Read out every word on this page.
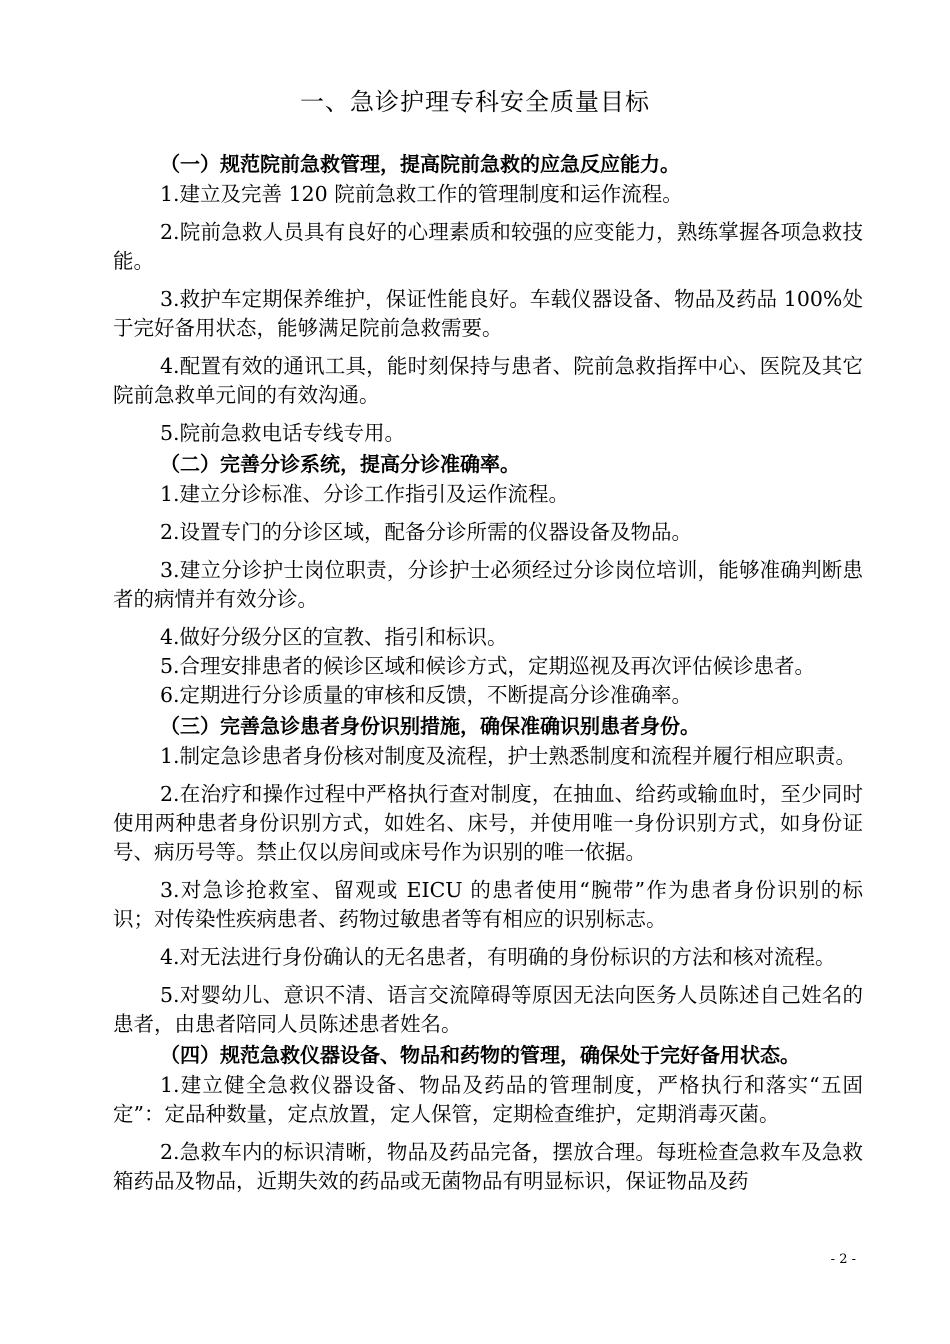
一、急诊护理专科安全质量目标
（一）规范院前急救管理，提高院前急救的应急反应能力。

1.建立及完善 120 院前急救工作的管理制度和运作流程。

2.院前急救人员具有良好的心理素质和较强的应变能力，熟练掌握各项急救技能。

3.救护车定期保养维护，保证性能良好。车载仪器设备、物品及药品 100%处于完好备用状态，能够满足院前急救需要。

4.配置有效的通讯工具，能时刻保持与患者、院前急救指挥中心、医院及其它院前急救单元间的有效沟通。

5.院前急救电话专线专用。

（二）完善分诊系统，提高分诊准确率。

1.建立分诊标准、分诊工作指引及运作流程。

2.设置专门的分诊区域，配备分诊所需的仪器设备及物品。

3.建立分诊护士岗位职责，分诊护士必须经过分诊岗位培训，能够准确判断患者的病情并有效分诊。

4.做好分级分区的宣教、指引和标识。

5.合理安排患者的候诊区域和候诊方式，定期巡视及再次评估候诊患者。

6.定期进行分诊质量的审核和反馈，不断提高分诊准确率。

（三）完善急诊患者身份识别措施，确保准确识别患者身份。

1.制定急诊患者身份核对制度及流程，护士熟悉制度和流程并履行相应职责。

2.在治疗和操作过程中严格执行查对制度，在抽血、给药或输血时，至少同时使用两种患者身份识别方式，如姓名、床号，并使用唯一身份识别方式，如身份证号、病历号等。禁止仅以房间或床号作为识别的唯一依据。

3.对急诊抢救室、留观或 EICU 的患者使用“腕带”作为患者身份识别的标识；对传染性疾病患者、药物过敏患者等有相应的识别标志。

4.对无法进行身份确认的无名患者，有明确的身份标识的方法和核对流程。

5.对婴幼儿、意识不清、语言交流障碍等原因无法向医务人员陈述自己姓名的患者，由患者陪同人员陈述患者姓名。

（四）规范急救仪器设备、物品和药物的管理，确保处于完好备用状态。

1.建立健全急救仪器设备、物品及药品的管理制度，严格执行和落实“五固定”：定品种数量，定点放置，定人保管，定期检查维护，定期消毒灭菌。

2.急救车内的标识清晰，物品及药品完备，摆放合理。每班检查急救车及急救箱药品及物品，近期失效的药品或无菌物品有明显标识，保证物品及药

- 2 -
